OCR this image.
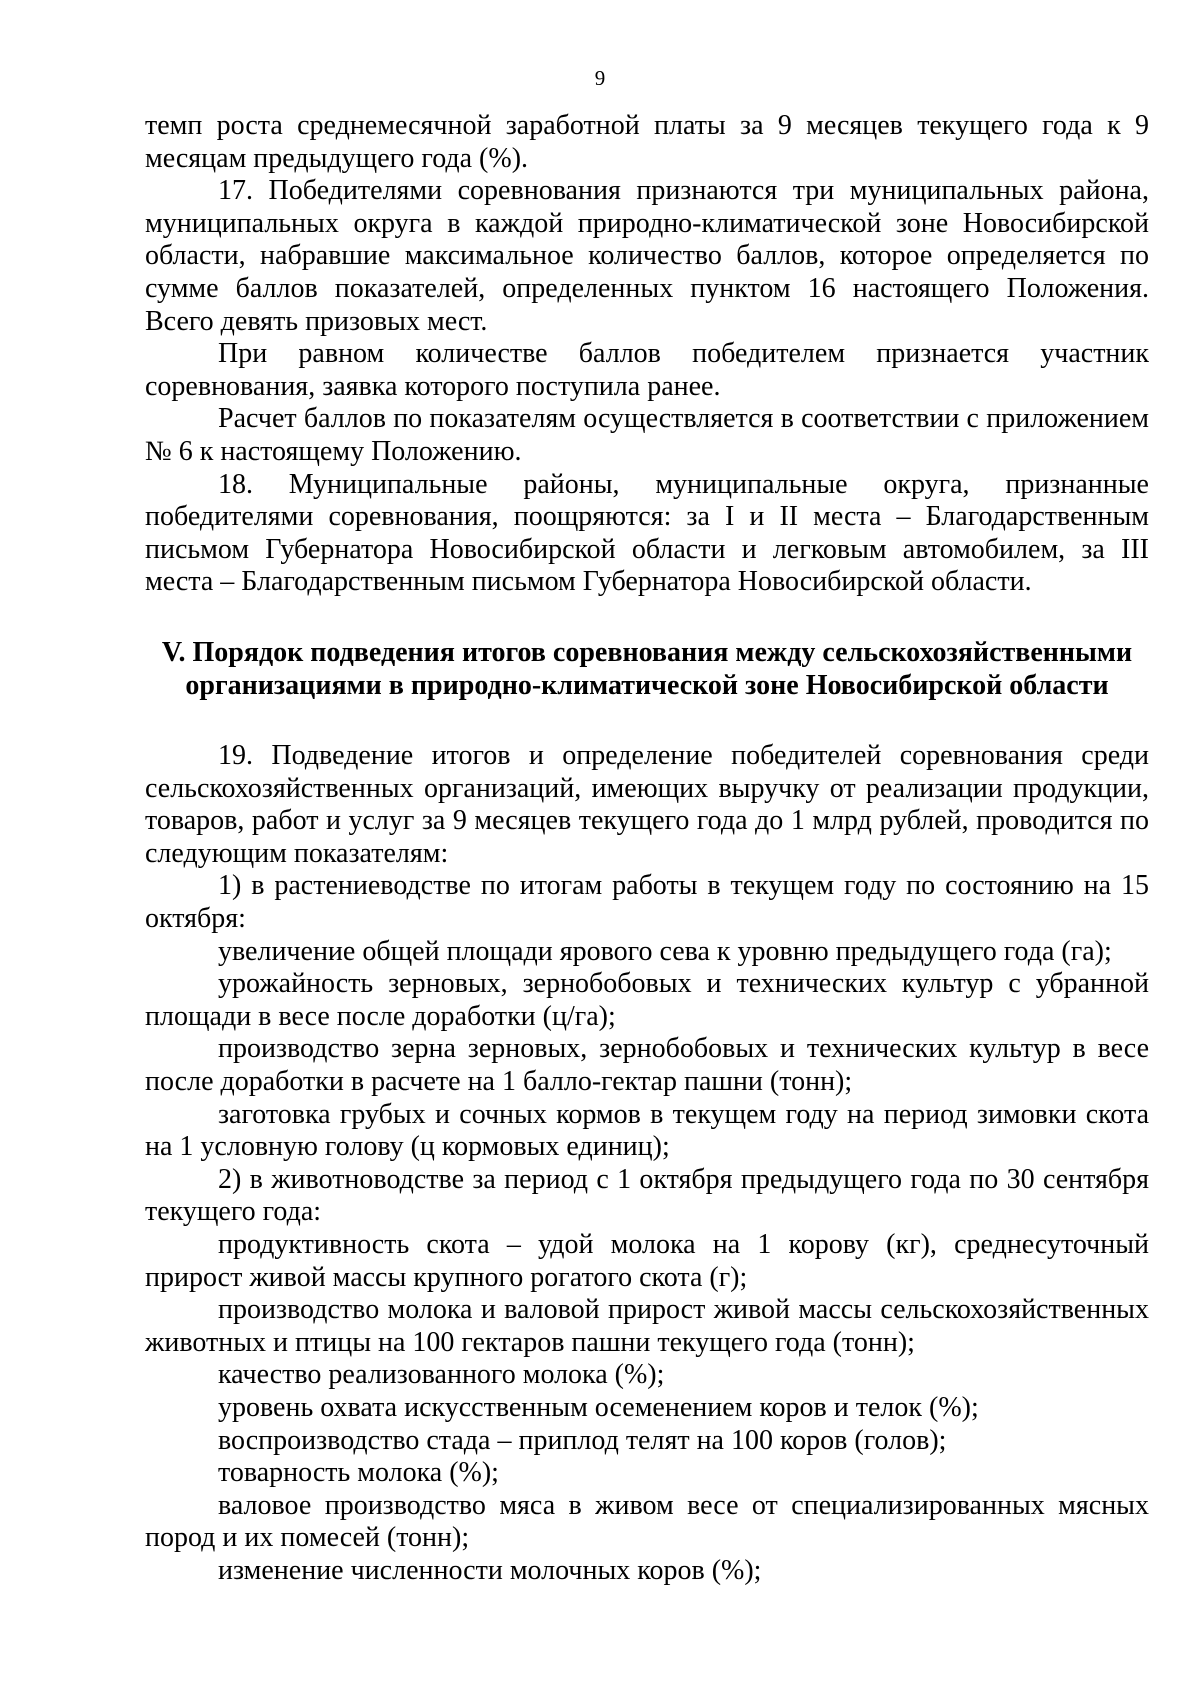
9

темп роста среднемесячной заработной платы за 9 месяцев текущего года к 9 месяцам предыдущего года (%).

17. Победителями соревнования признаются три муниципальных района, муниципальных округа в каждой природно-климатической зоне Новосибирской области, набравшие максимальное количество баллов, которое определяется по сумме баллов показателей, определенных пунктом 16 настоящего Положения. Всего девять призовых мест.

При равном количестве баллов победителем признается участник соревнования, заявка которого поступила ранее.

Расчет баллов по показателям осуществляется в соответствии с приложением № 6 к настоящему Положению.

18. Муниципальные районы, муниципальные округа, признанные победителями соревнования, поощряются: за I и II места – Благодарственным письмом Губернатора Новосибирской области и легковым автомобилем, за III места – Благодарственным письмом Губернатора Новосибирской области.

V. Порядок подведения итогов соревнования между сельскохозяйственными
организациями в природно-климатической зоне Новосибирской области

19. Подведение итогов и определение победителей соревнования среди сельскохозяйственных организаций, имеющих выручку от реализации продукции, товаров, работ и услуг за 9 месяцев текущего года до 1 млрд рублей, проводится по следующим показателям:

1) в растениеводстве по итогам работы в текущем году по состоянию на 15 октября:

увеличение общей площади ярового сева к уровню предыдущего года (га);

урожайность зерновых, зернобобовых и технических культур с убранной площади в весе после доработки (ц/га);

производство зерна зерновых, зернобобовых и технических культур в весе после доработки в расчете на 1 балло-гектар пашни (тонн);

заготовка грубых и сочных кормов в текущем году на период зимовки скота на 1 условную голову (ц кормовых единиц);

2) в животноводстве за период с 1 октября предыдущего года по 30 сентября текущего года:

продуктивность скота – удой молока на 1 корову (кг), среднесуточный прирост живой массы крупного рогатого скота (г);

производство молока и валовой прирост живой массы сельскохозяйственных животных и птицы на 100 гектаров пашни текущего года (тонн);

качество реализованного молока (%);

уровень охвата искусственным осеменением коров и телок (%);

воспроизводство стада – приплод телят на 100 коров (голов);

товарность молока (%);

валовое производство мяса в живом весе от специализированных мясных пород и их помесей (тонн);

изменение численности молочных коров (%);
